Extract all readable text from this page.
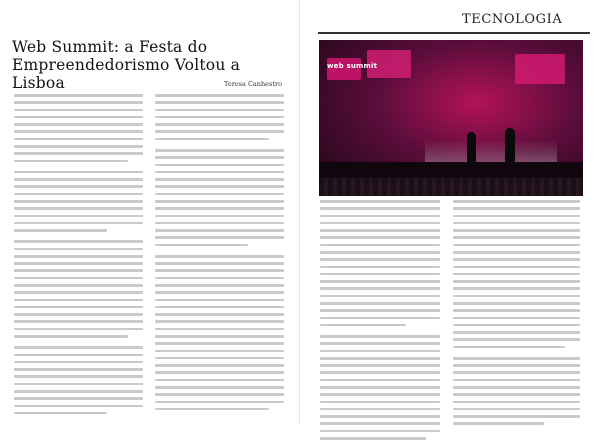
Web Summit: a Festa do Empreendedorismo Voltou a Lisboa	Teresa Canhestro
TECNOLOGIA
web summit
